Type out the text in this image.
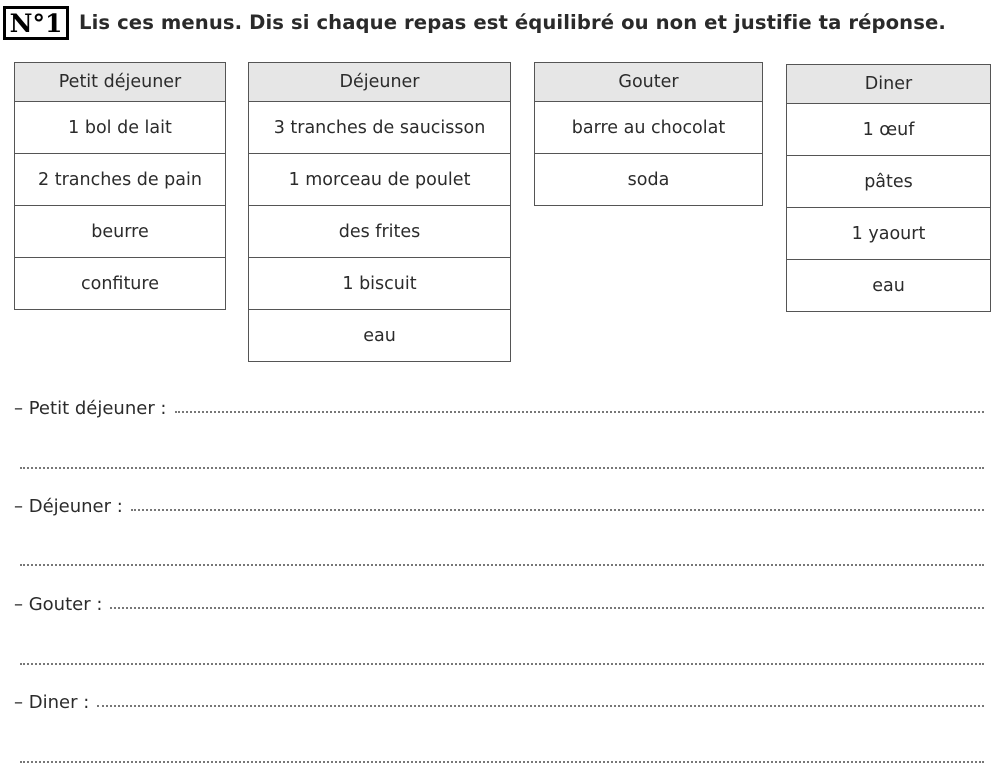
N°1 Lis ces menus. Dis si chaque repas est équilibré ou non et justifie ta réponse.
Petit déjeuner
1 bol de lait
2 tranches de pain
beurre
confiture
Déjeuner
3 tranches de saucisson
1 morceau de poulet
des frites
1 biscuit
eau
Gouter
barre au chocolat
soda
Diner
1 œuf
pâtes
1 yaourt
eau
– Petit déjeuner :
– Déjeuner :
– Gouter :
– Diner :
